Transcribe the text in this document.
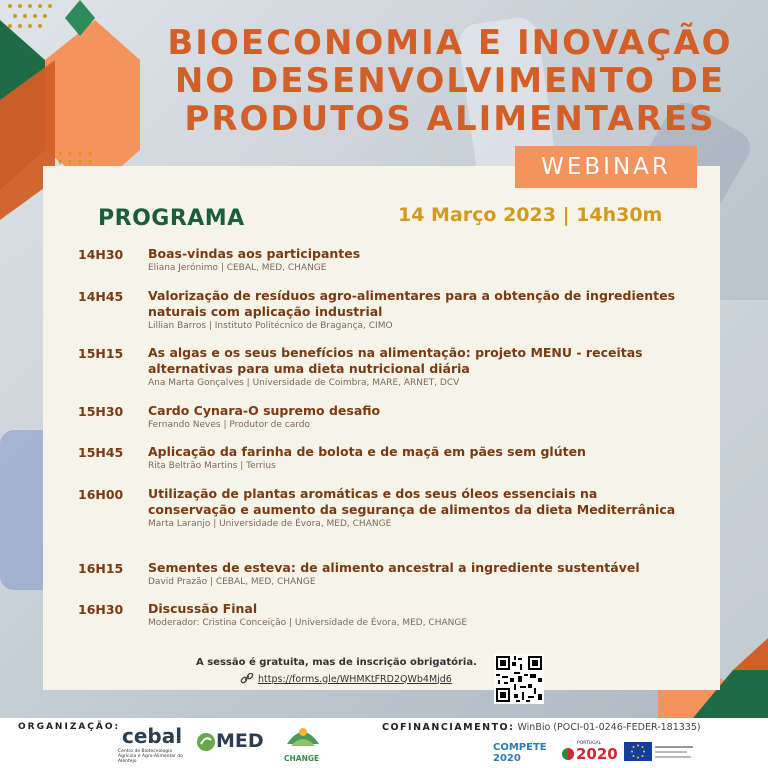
BIOECONOMIA E INOVAÇÃO
NO DESENVOLVIMENTO DE
PRODUTOS ALIMENTARES
WEBINAR
PROGRAMA	14 Março 2023 | 14h30m
14H30 Boas-vindas aos participantes
Eliana Jerónimo | CEBAL, MED, CHANGE
14H45 Valorização de resíduos agro-alimentares para a obtenção de ingredientes naturais com aplicação industrial
Lillian Barros | Instituto Politécnico de Bragança, CIMO
15H15 As algas e os seus benefícios na alimentação: projeto MENU - receitas alternativas para uma dieta nutricional diária
Ana Marta Gonçalves | Universidade de Coimbra, MARE, ARNET, DCV
15H30 Cardo Cynara-O supremo desafio
Fernando Neves | Produtor de cardo
15H45 Aplicação da farinha de bolota e de maçã em pães sem glúten
Rita Beltrão Martins | Terrius
16H00 Utilização de plantas aromáticas e dos seus óleos essenciais na conservação e aumento da segurança de alimentos da dieta Mediterrânica
Marta Laranjo | Universidade de Évora, MED, CHANGE
16H15 Sementes de esteva: de alimento ancestral a ingrediente sustentável
David Prazão | CEBAL, MED, CHANGE
16H30 Discussão Final
Moderador: Cristina Conceição | Universidade de Évora, MED, CHANGE
A sessão é gratuita, mas de inscrição obrigatória.
https://forms.gle/WHMKtFRD2QWb4Mjd6
ORGANIZAÇÃO:	COFINANCIAMENTO: WinBio (POCI-01-0246-FEDER-181335)
cebal
Centro de Biotecnologia Agrícola e Agro-Alimentar do Alentejo
MED
CHANGE
COMPETE 2020
PORTUGAL
2020
